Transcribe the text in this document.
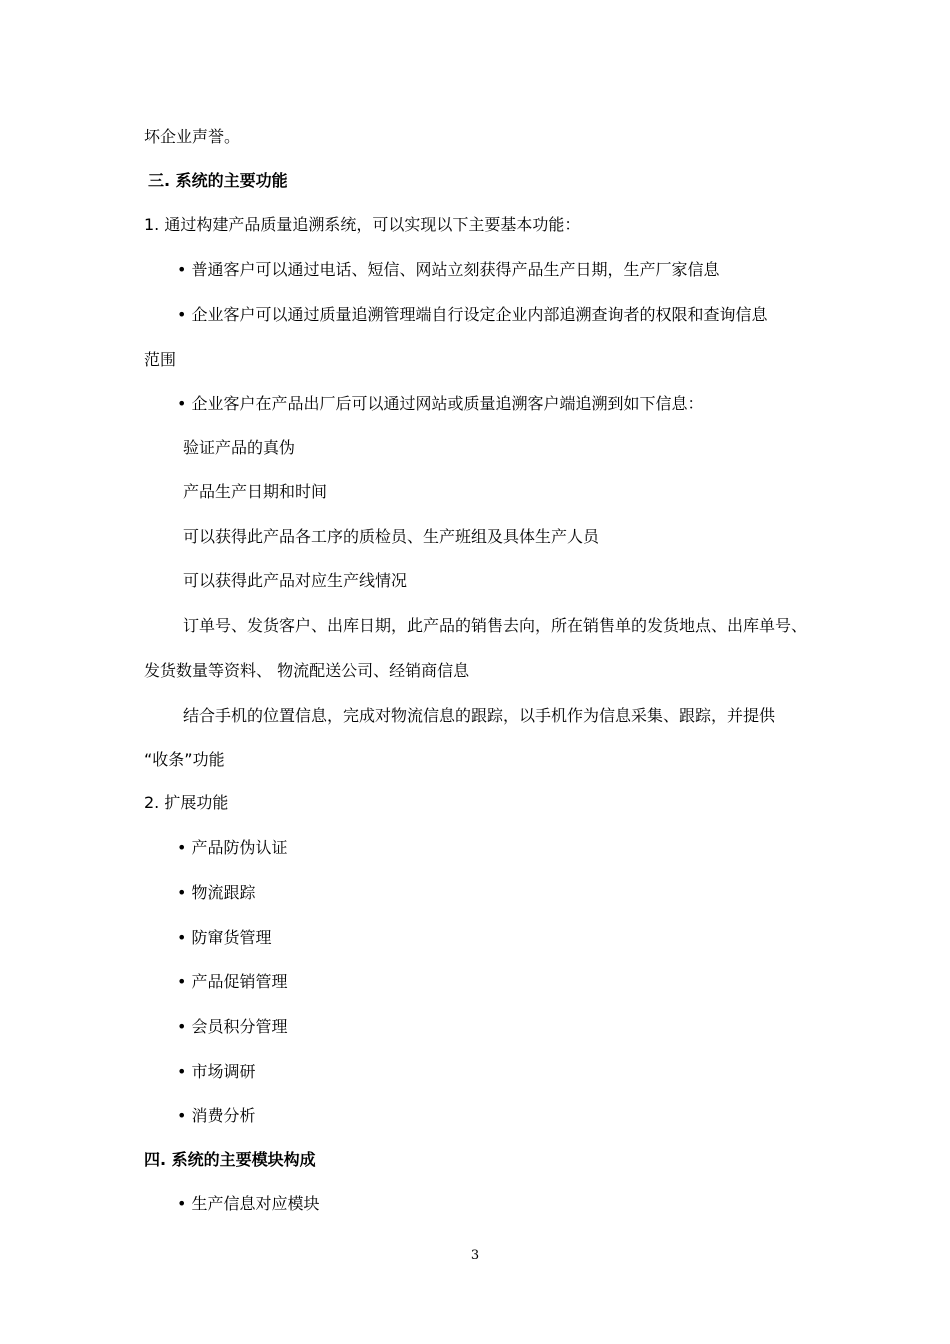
坏企业声誉。
三. 系统的主要功能
1. 通过构建产品质量追溯系统，可以实现以下主要基本功能：
• 普通客户可以通过电话、短信、网站立刻获得产品生产日期，生产厂家信息
• 企业客户可以通过质量追溯管理端自行设定企业内部追溯查询者的权限和查询信息
范围
• 企业客户在产品出厂后可以通过网站或质量追溯客户端追溯到如下信息：
验证产品的真伪
产品生产日期和时间
可以获得此产品各工序的质检员、生产班组及具体生产人员
可以获得此产品对应生产线情况
订单号、发货客户、出库日期，此产品的销售去向，所在销售单的发货地点、出库单号、
发货数量等资料、 物流配送公司、经销商信息
结合手机的位置信息，完成对物流信息的跟踪，以手机作为信息采集、跟踪，并提供
“收条”功能
2. 扩展功能
• 产品防伪认证
• 物流跟踪
• 防窜货管理
• 产品促销管理
• 会员积分管理
• 市场调研
• 消费分析
四. 系统的主要模块构成
• 生产信息对应模块
3
